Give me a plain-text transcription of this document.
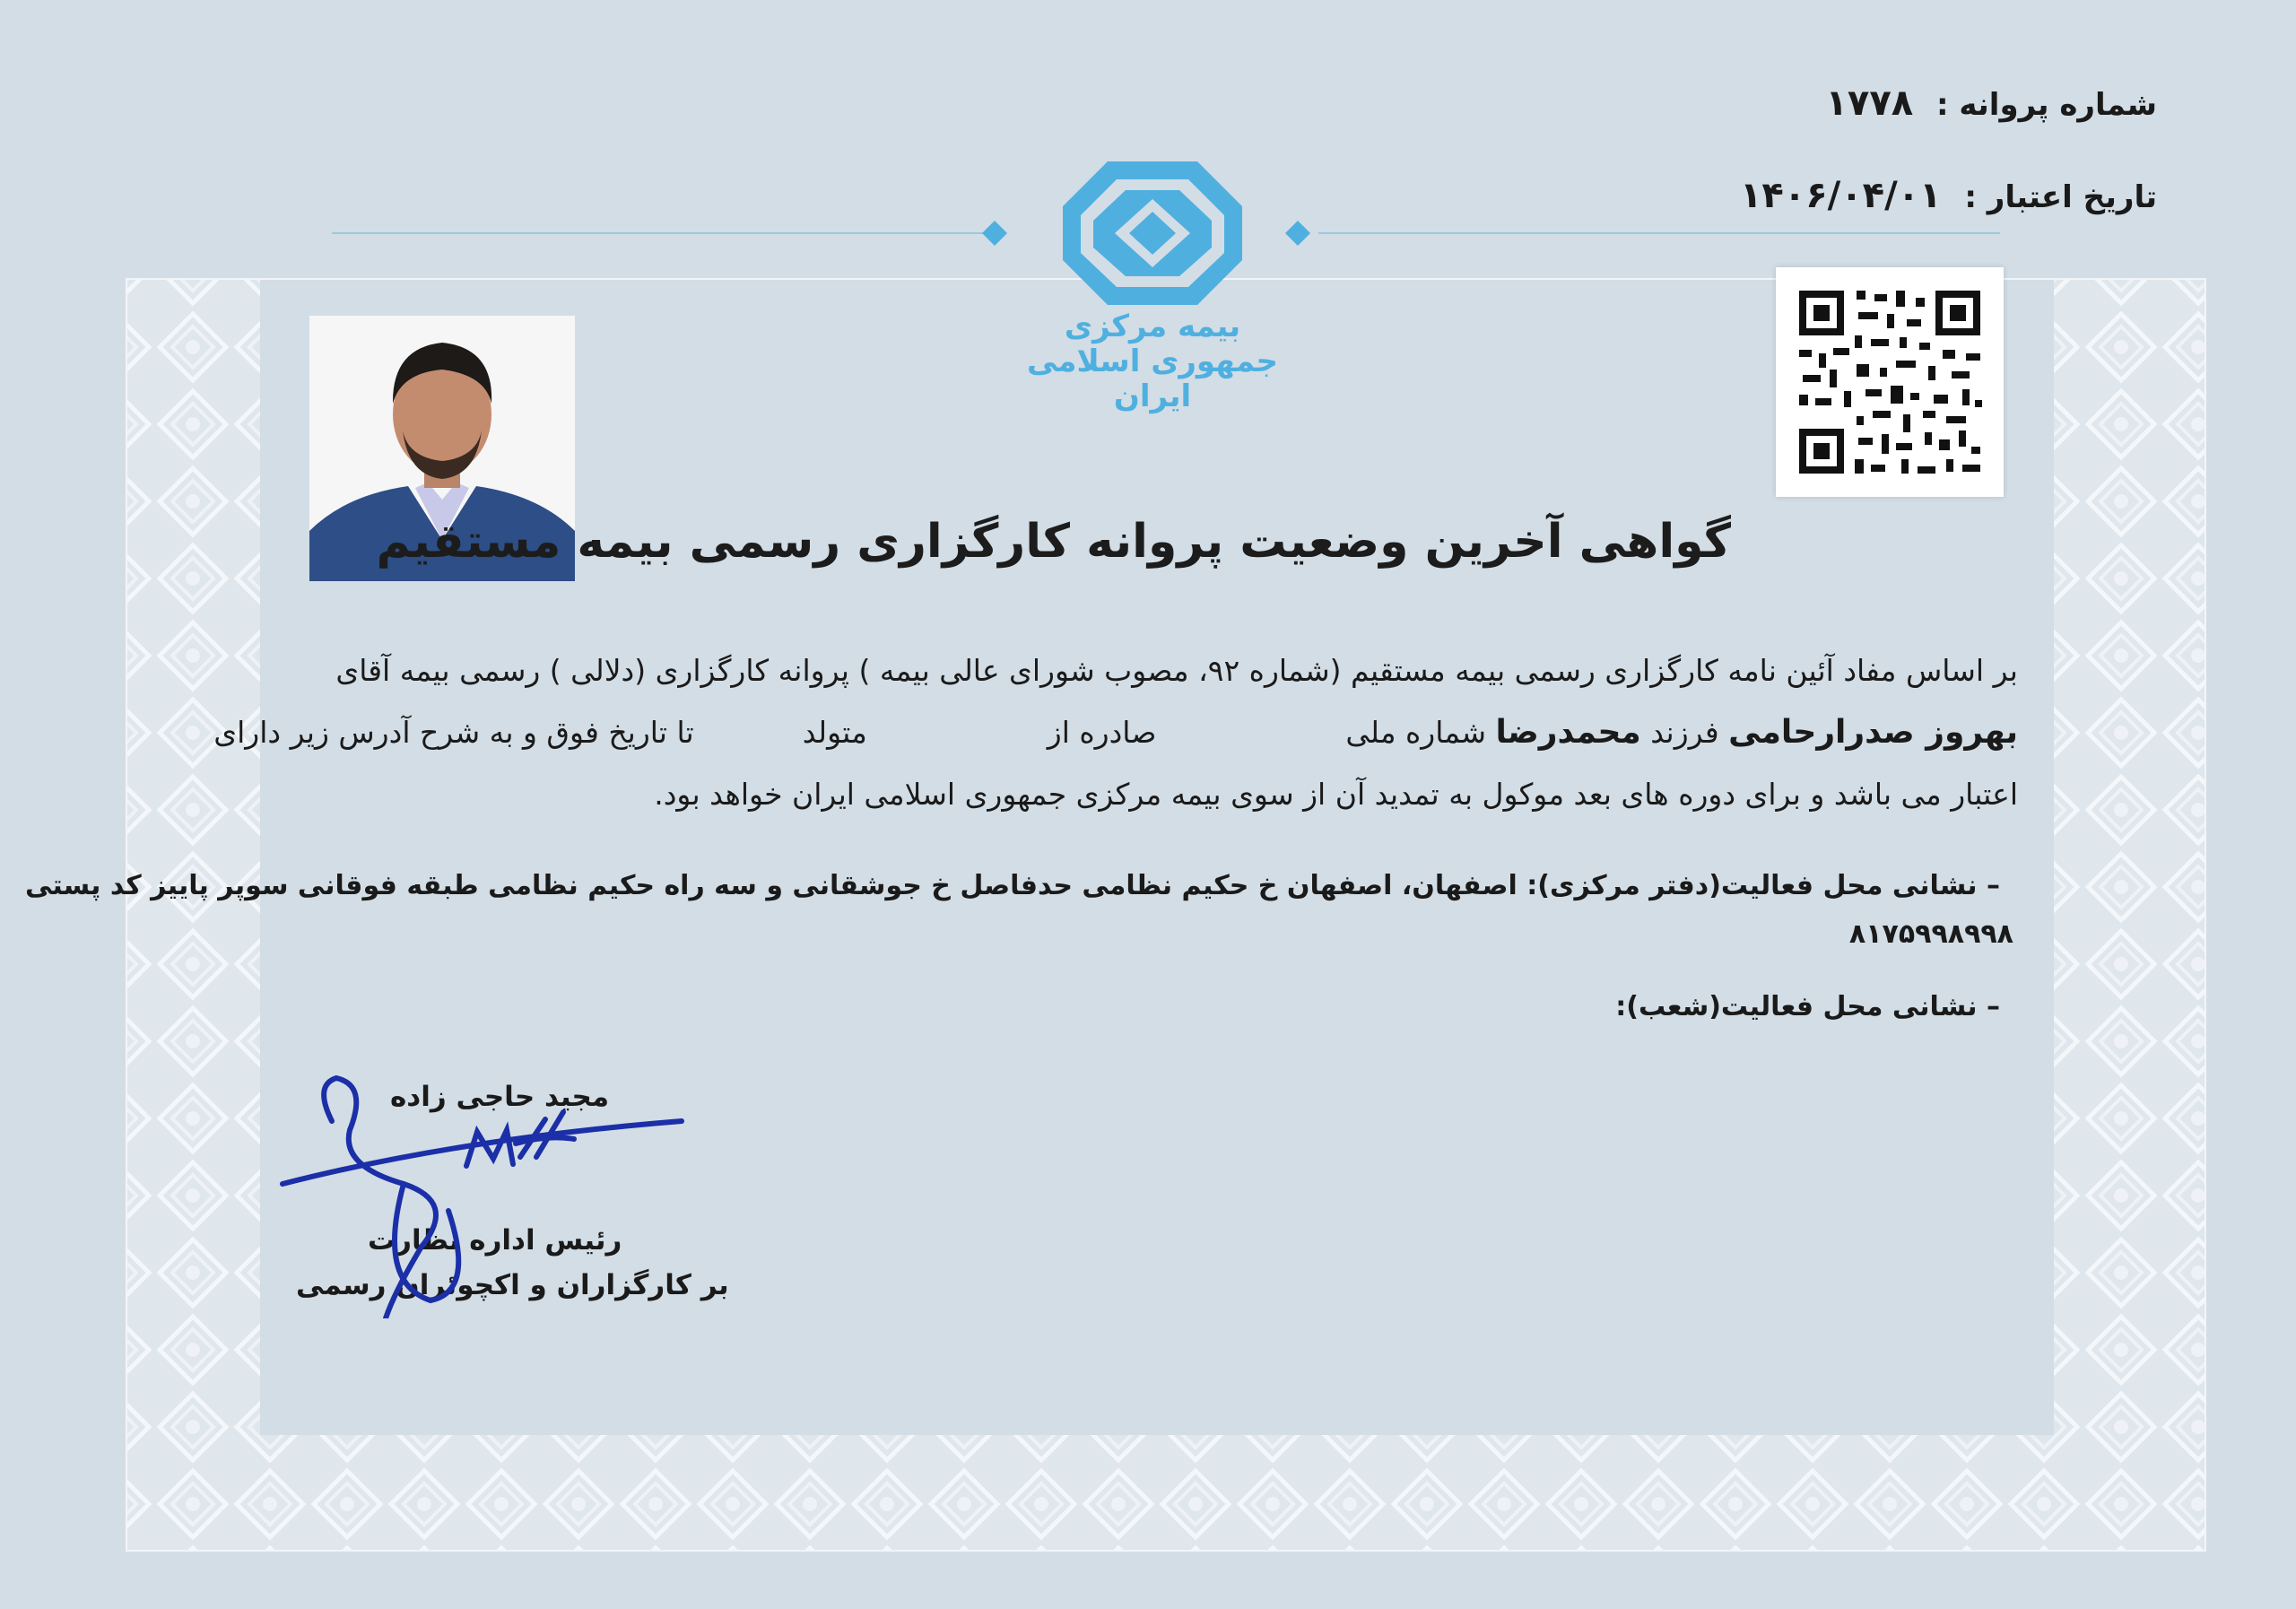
بیمه مرکزی
جمهوری اسلامی ایران
شماره پروانه : ۱۷۷۸
تاریخ اعتبار : ۱۴۰۶/۰۴/۰۱
گواهی آخرین وضعیت پروانه کارگزاری رسمی بیمه مستقیم
بر اساس مفاد آئین نامه کارگزاری رسمی بیمه مستقیم (شماره ۹۲، مصوب شورای عالی بیمه ) پروانه کارگزاری (دلالی ) رسمی بیمه آقای
بهروز صدرارحامی فرزند محمدرضا شماره ملی  صادره از  متولد  تا تاریخ فوق و به شرح آدرس زیر دارای
اعتبار می باشد و برای دوره های بعد موکول به تمدید آن از سوی بیمه مرکزی جمهوری اسلامی ایران خواهد بود.
– نشانی محل فعالیت(دفتر مرکزی): اصفهان، اصفهان خ حکیم نظامی حدفاصل خ جوشقانی و سه راه حکیم نظامی طبقه فوقانی سوپر پاییز کد پستی
۸۱۷۵۹۹۸۹۹۸
– نشانی محل فعالیت(شعب):
مجید حاجی زاده
رئیس اداره نظارت
بر کارگزاران و اکچوئران رسمی
